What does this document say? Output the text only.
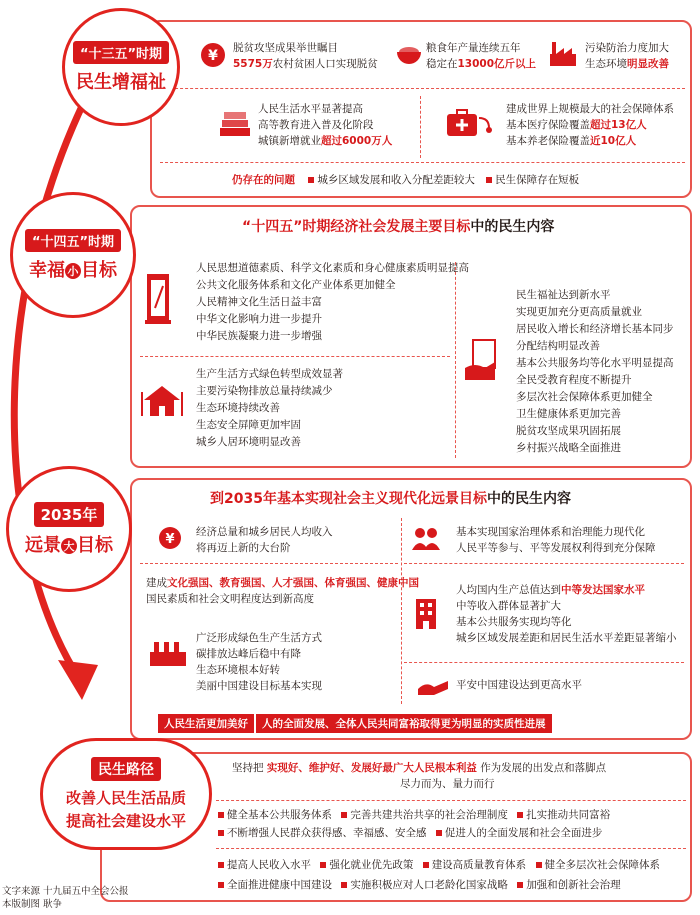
“十三五”时期
民生增福祉
¥ 脱贫攻坚成果举世瞩目
5575万农村贫困人口实现脱贫
粮食年产量连续五年
稳定在13000亿斤以上
污染防治力度加大
生态环境明显改善
人民生活水平显著提高
高等教育进入普及化阶段
城镇新增就业超过6000万人
建成世界上规模最大的社会保障体系
基本医疗保险覆盖超过13亿人
基本养老保险覆盖近10亿人
仍存在的问题 城乡区域发展和收入分配差距较大 民生保障存在短板
“十四五”时期
幸福 小 目标
“十四五”时期经济社会发展主要目标中的民生内容
人民思想道德素质、科学文化素质和身心健康素质明显提高
公共文化服务体系和文化产业体系更加健全
人民精神文化生活日益丰富
中华文化影响力进一步提升
中华民族凝聚力进一步增强
生产生活方式绿色转型成效显著
主要污染物排放总量持续减少
生态环境持续改善
生态安全屏障更加牢固
城乡人居环境明显改善
民生福祉达到新水平
实现更加充分更高质量就业
居民收入增长和经济增长基本同步
分配结构明显改善
基本公共服务均等化水平明显提高
全民受教育程度不断提升
多层次社会保障体系更加健全
卫生健康体系更加完善
脱贫攻坚成果巩固拓展
乡村振兴战略全面推进
2035年
远景 大 目标
到2035年基本实现社会主义现代化远景目标中的民生内容
¥ 经济总量和城乡居民人均收入
将再迈上新的大台阶
基本实现国家治理体系和治理能力现代化
人民平等参与、平等发展权利得到充分保障
建成文化强国、教育强国、人才强国、体育强国、健康中国
国民素质和社会文明程度达到新高度
人均国内生产总值达到中等发达国家水平
中等收入群体显著扩大
基本公共服务实现均等化
城乡区域发展差距和居民生活水平差距显著缩小
广泛形成绿色生产生活方式
碳排放达峰后稳中有降
生态环境根本好转
美丽中国建设目标基本实现	平安中国建设达到更高水平
人民生活更加美好 人的全面发展、全体人民共同富裕取得更为明显的实质性进展
民生路径
改善人民生活品质
提高社会建设水平
坚持把 实现好、维护好、发展好最广大人民根本利益 作为发展的出发点和落脚点
尽力而为、量力而行
健全基本公共服务体系 完善共建共治共享的社会治理制度 扎实推动共同富裕
不断增强人民群众获得感、幸福感、安全感 促进人的全面发展和社会全面进步
提高人民收入水平 强化就业优先政策 建设高质量教育体系 健全多层次社会保障体系
全面推进健康中国建设 实施积极应对人口老龄化国家战略 加强和创新社会治理
文字来源 十九届五中全会公报
本版制图 耿争
